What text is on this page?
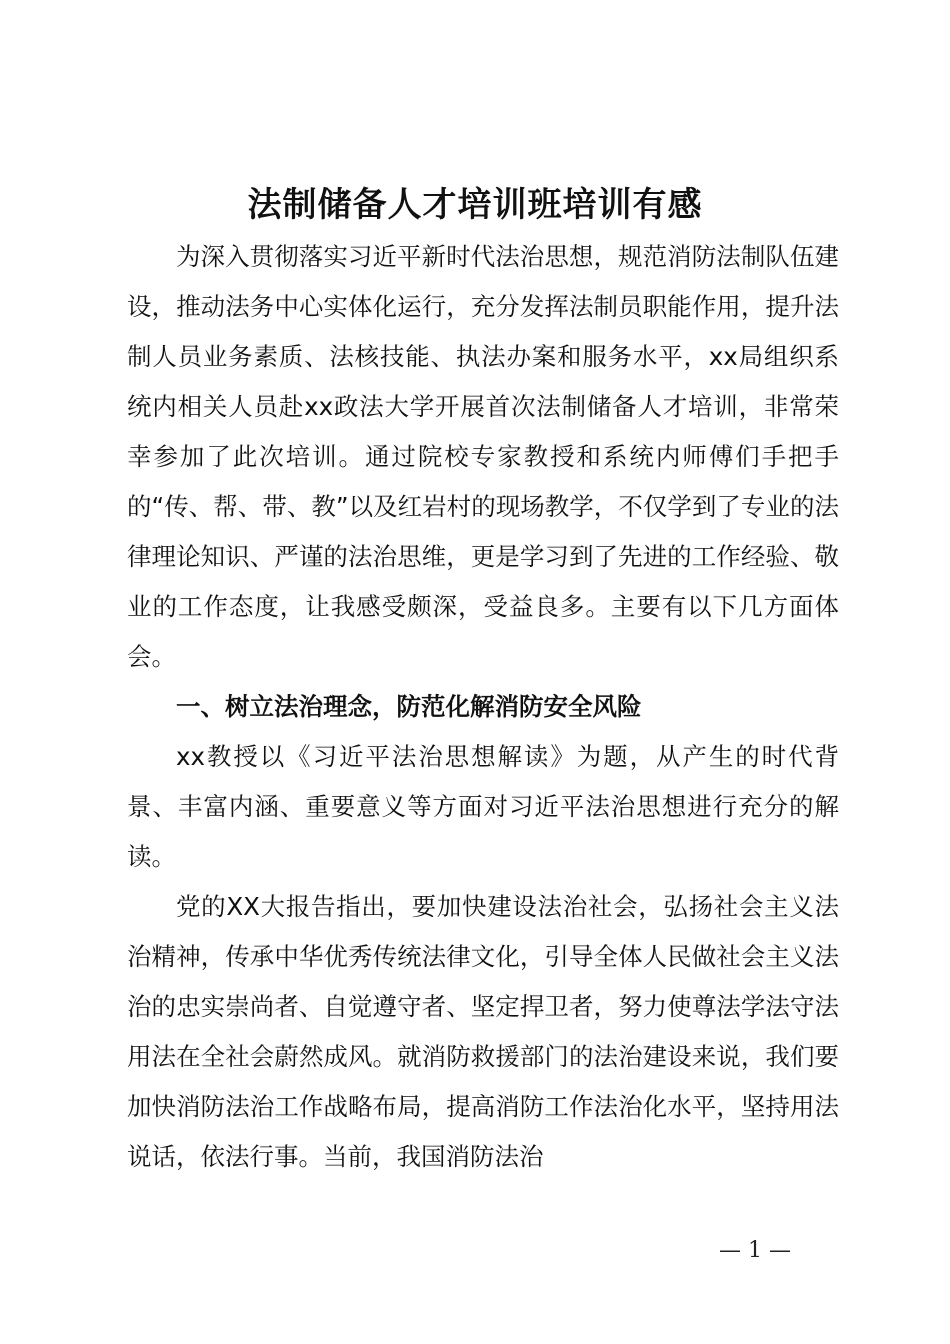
法制储备人才培训班培训有感

为深入贯彻落实习近平新时代法治思想，规范消防法制队伍建设，推动法务中心实体化运行，充分发挥法制员职能作用，提升法制人员业务素质、法核技能、执法办案和服务水平，xx局组织系统内相关人员赴xx政法大学开展首次法制储备人才培训，非常荣幸参加了此次培训。通过院校专家教授和系统内师傅们手把手的“传、帮、带、教”以及红岩村的现场教学，不仅学到了专业的法律理论知识、严谨的法治思维，更是学习到了先进的工作经验、敬业的工作态度，让我感受颇深，受益良多。主要有以下几方面体会。

一、树立法治理念，防范化解消防安全风险

xx教授以《习近平法治思想解读》为题，从产生的时代背景、丰富内涵、重要意义等方面对习近平法治思想进行充分的解读。

党的XX大报告指出，要加快建设法治社会，弘扬社会主义法治精神，传承中华优秀传统法律文化，引导全体人民做社会主义法治的忠实崇尚者、自觉遵守者、坚定捍卫者，努力使尊法学法守法用法在全社会蔚然成风。就消防救援部门的法治建设来说，我们要加快消防法治工作战略布局，提高消防工作法治化水平，坚持用法说话，依法行事。当前，我国消防法治

— 1 —
